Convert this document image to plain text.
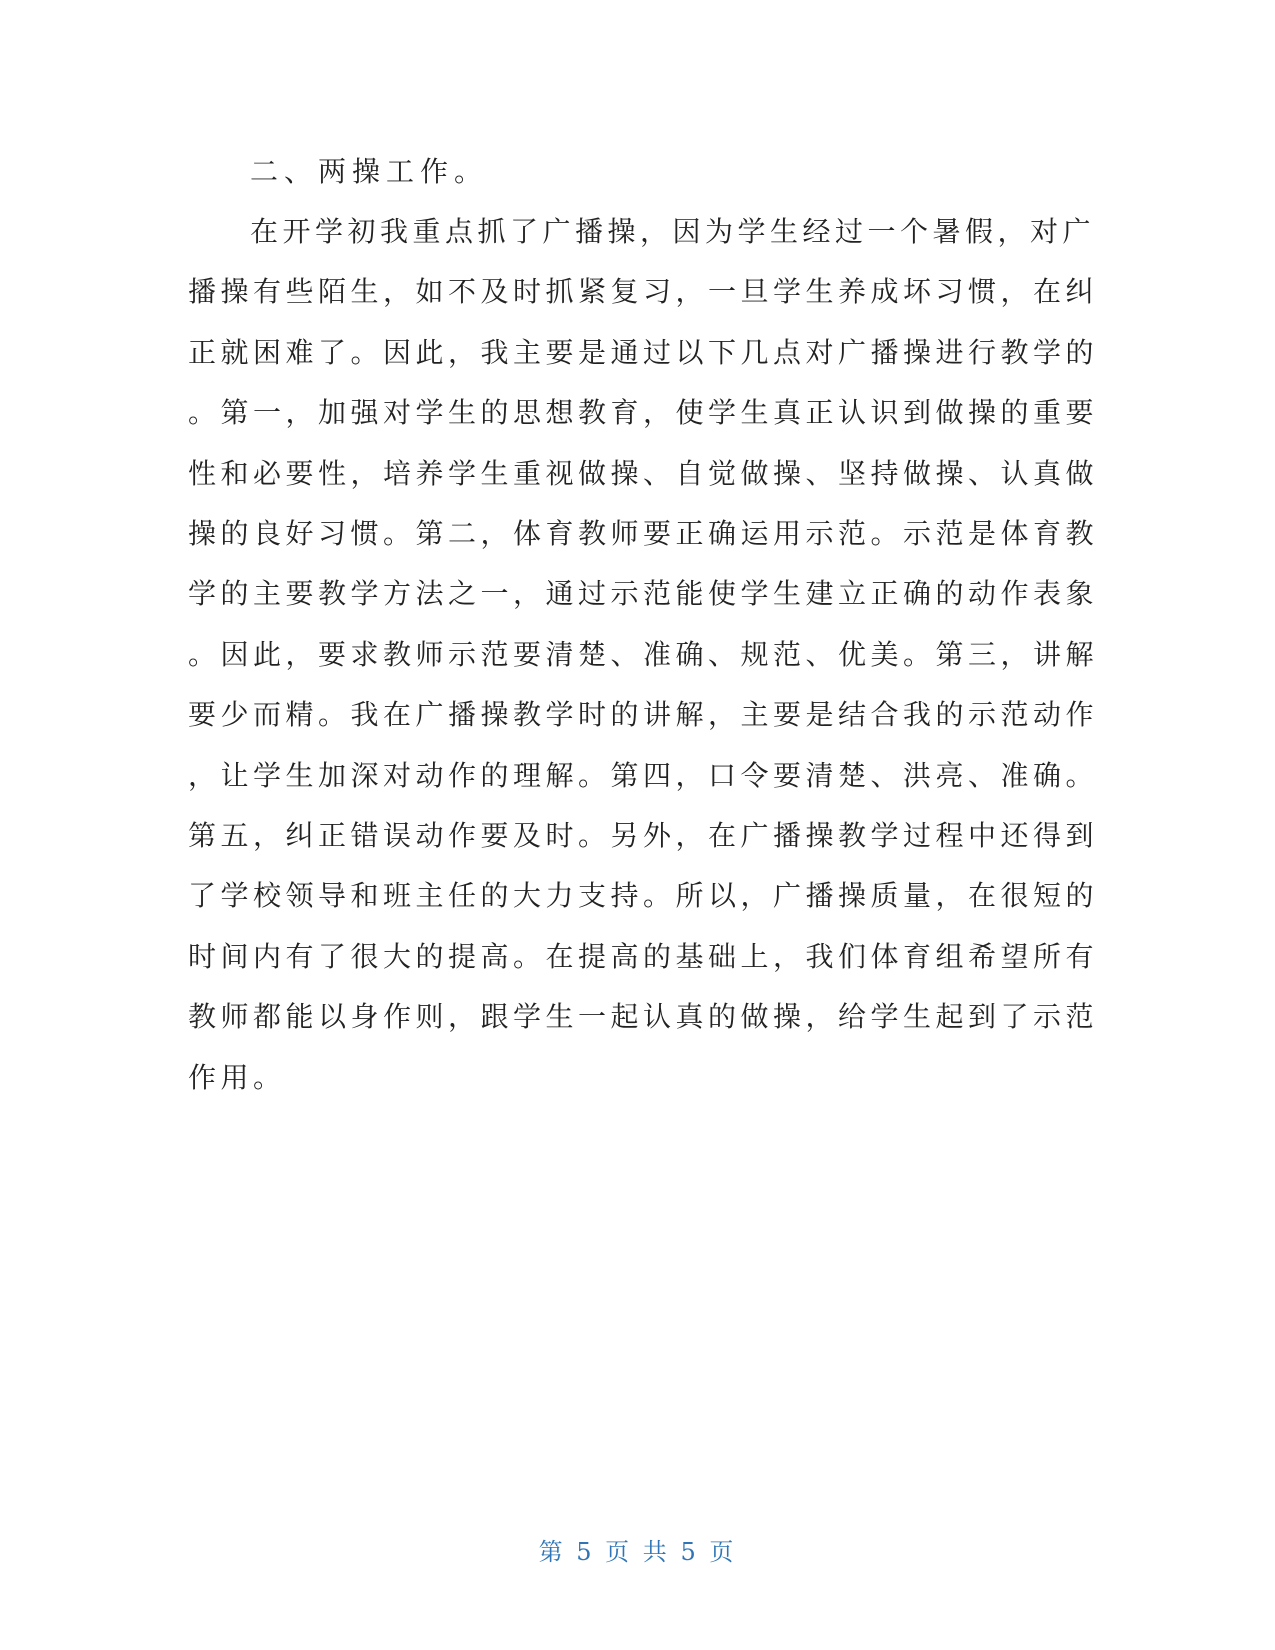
二、两操工作。
在开学初我重点抓了广播操，因为学生经过一个暑假，对广
播操有些陌生，如不及时抓紧复习，一旦学生养成坏习惯，在纠
正就困难了。因此，我主要是通过以下几点对广播操进行教学的
。第一，加强对学生的思想教育，使学生真正认识到做操的重要
性和必要性，培养学生重视做操、自觉做操、坚持做操、认真做
操的良好习惯。第二，体育教师要正确运用示范。示范是体育教
学的主要教学方法之一，通过示范能使学生建立正确的动作表象
。因此，要求教师示范要清楚、准确、规范、优美。第三，讲解
要少而精。我在广播操教学时的讲解，主要是结合我的示范动作
，让学生加深对动作的理解。第四，口令要清楚、洪亮、准确。
第五，纠正错误动作要及时。另外，在广播操教学过程中还得到
了学校领导和班主任的大力支持。所以，广播操质量，在很短的
时间内有了很大的提高。在提高的基础上，我们体育组希望所有
教师都能以身作则，跟学生一起认真的做操，给学生起到了示范
作用。
第 5 页 共 5 页
